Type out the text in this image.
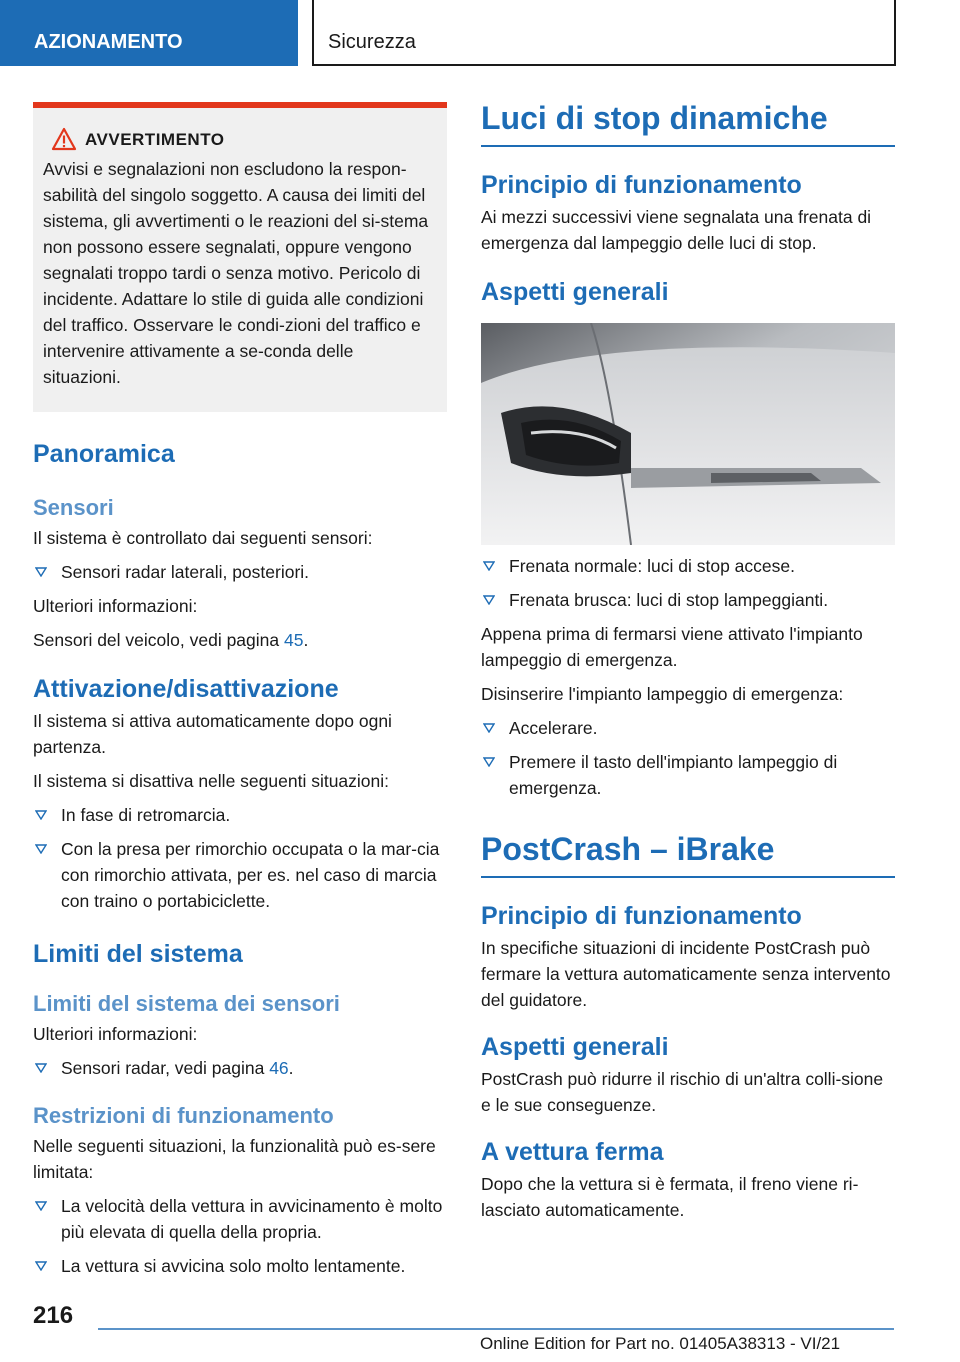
AZIONAMENTO	Sicurezza
AVVERTIMENTO

Avvisi e segnalazioni non escludono la respon-sabilità del singolo soggetto. A causa dei limiti del sistema, gli avvertimenti o le reazioni del si-stema non possono essere segnalati, oppure vengono segnalati troppo tardi o senza motivo. Pericolo di incidente. Adattare lo stile di guida alle condizioni del traffico. Osservare le condi-zioni del traffico e intervenire attivamente a se-conda delle situazioni.

Panoramica
Sensori

Il sistema è controllato dai seguenti sensori:

Sensori radar laterali, posteriori.

Ulteriori informazioni:

Sensori del veicolo, vedi pagina 45.

Attivazione/disattivazione

Il sistema si attiva automaticamente dopo ogni partenza.

Il sistema si disattiva nelle seguenti situazioni:

In fase di retromarcia.
Con la presa per rimorchio occupata o la mar-cia con rimorchio attivata, per es. nel caso di marcia con traino o portabiciclette.
Limiti del sistema
Limiti del sistema dei sensori

Ulteriori informazioni:

Sensori radar, vedi pagina 46.
Restrizioni di funzionamento

Nelle seguenti situazioni, la funzionalità può es-sere limitata:

La velocità della vettura in avvicinamento è molto più elevata di quella della propria.
La vettura si avvicina solo molto lentamente.
Luci di stop dinamiche
Principio di funzionamento

Ai mezzi successivi viene segnalata una frenata di emergenza dal lampeggio delle luci di stop.

Aspetti generali
Frenata normale: luci di stop accese.
Frenata brusca: luci di stop lampeggianti.

Appena prima di fermarsi viene attivato l'impianto lampeggio di emergenza.

Disinserire l'impianto lampeggio di emergenza:

Accelerare.
Premere il tasto dell'impianto lampeggio di emergenza.
PostCrash – iBrake
Principio di funzionamento

In specifiche situazioni di incidente PostCrash può fermare la vettura automaticamente senza intervento del guidatore.

Aspetti generali

PostCrash può ridurre il rischio di un'altra colli-sione e le sue conseguenze.

A vettura ferma

Dopo che la vettura si è fermata, il freno viene ri-lasciato automaticamente.

216
Online Edition for Part no. 01405A38313 - VI/21
